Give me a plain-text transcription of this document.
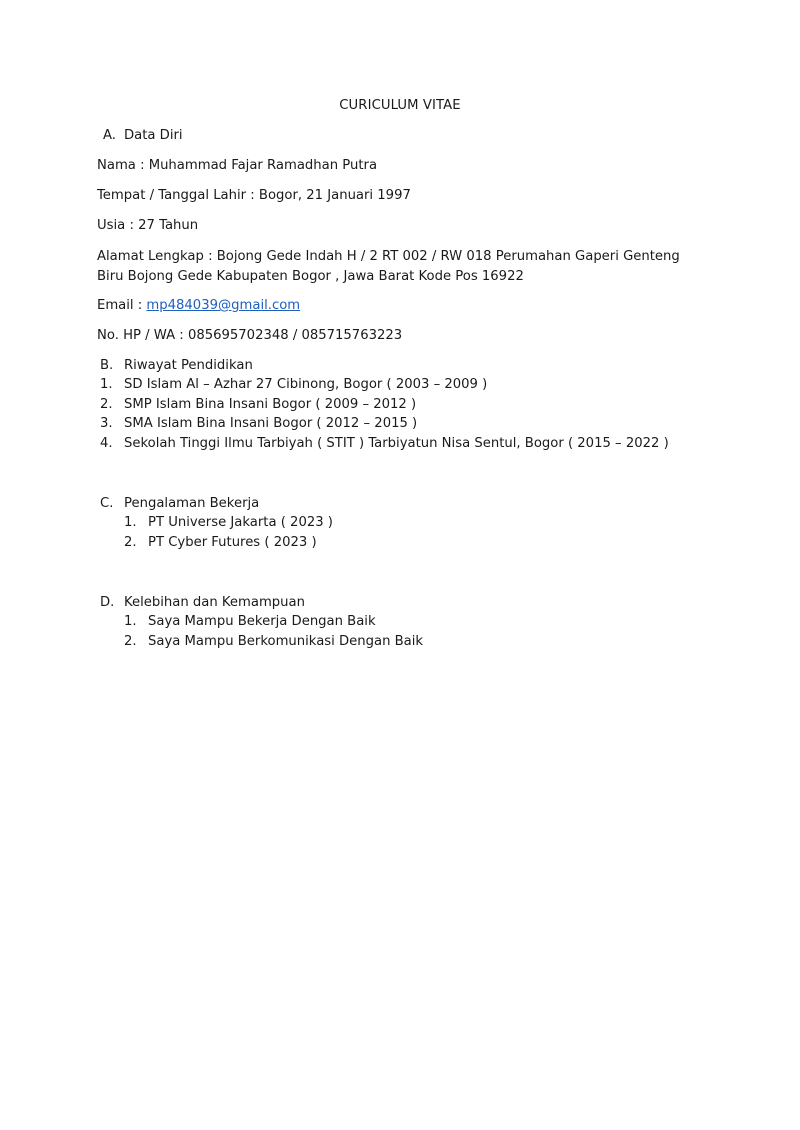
CURICULUM VITAE
A. Data Diri
Nama : Muhammad Fajar Ramadhan Putra
Tempat / Tanggal Lahir : Bogor, 21 Januari 1997
Usia : 27 Tahun
Alamat Lengkap : Bojong Gede Indah H / 2 RT 002 / RW 018 Perumahan Gaperi Genteng Biru Bojong Gede Kabupaten Bogor , Jawa Barat Kode Pos 16922
Email : mp484039@gmail.com
No. HP / WA : 085695702348 / 085715763223
B. Riwayat Pendidikan
1. SD Islam Al – Azhar 27 Cibinong, Bogor ( 2003 – 2009 )
2. SMP Islam Bina Insani Bogor ( 2009 – 2012 )
3. SMA Islam Bina Insani Bogor ( 2012 – 2015 )
4. Sekolah Tinggi Ilmu Tarbiyah ( STIT ) Tarbiyatun Nisa Sentul, Bogor ( 2015 – 2022 )
C. Pengalaman Bekerja
1. PT Universe Jakarta ( 2023 )
2. PT Cyber Futures ( 2023 )
D. Kelebihan dan Kemampuan
1. Saya Mampu Bekerja Dengan Baik
2. Saya Mampu Berkomunikasi Dengan Baik
